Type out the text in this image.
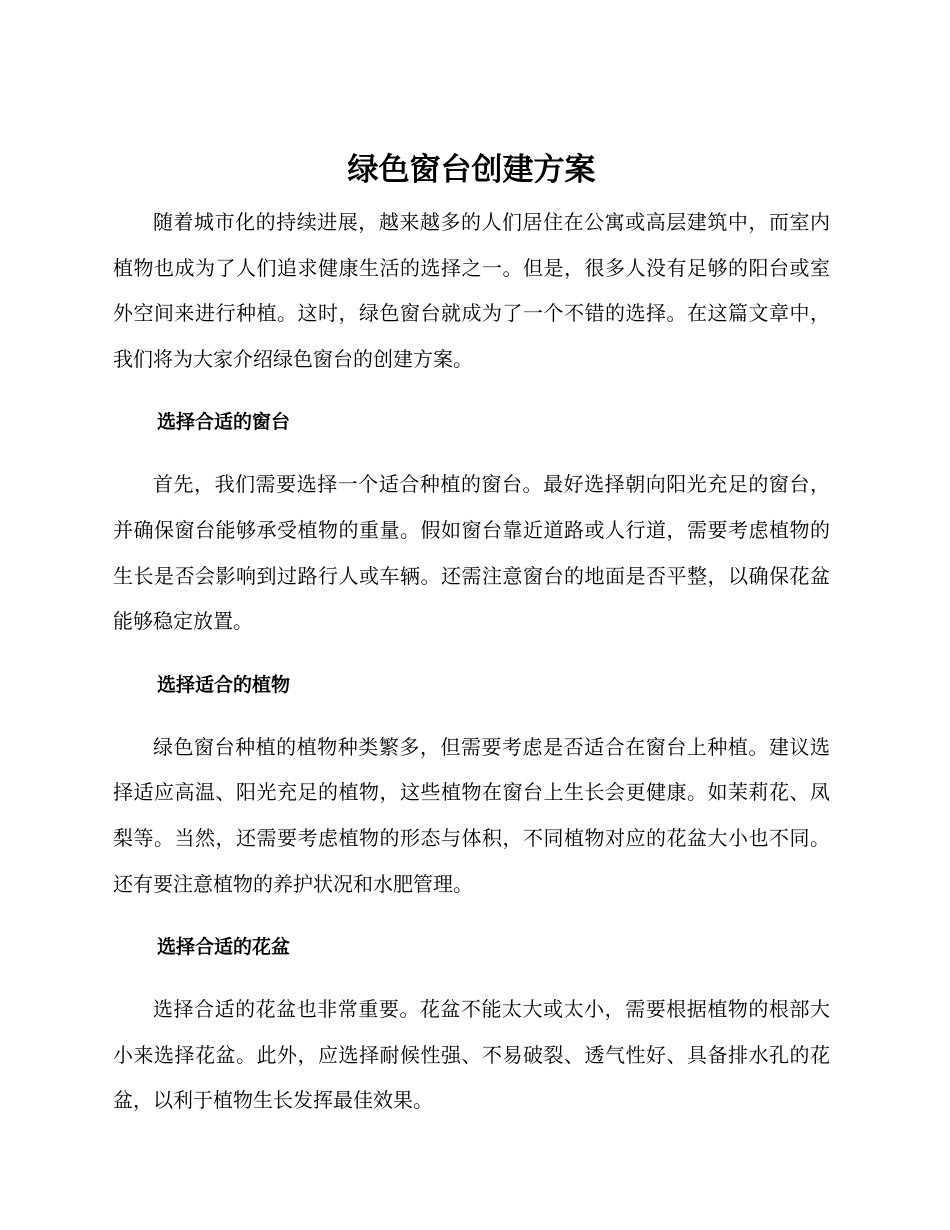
绿色窗台创建方案

随着城市化的持续进展，越来越多的人们居住在公寓或高层建筑中，而室内植物也成为了人们追求健康生活的选择之一。但是，很多人没有足够的阳台或室外空间来进行种植。这时，绿色窗台就成为了一个不错的选择。在这篇文章中，我们将为大家介绍绿色窗台的创建方案。

选择合适的窗台

首先，我们需要选择一个适合种植的窗台。最好选择朝向阳光充足的窗台，并确保窗台能够承受植物的重量。假如窗台靠近道路或人行道，需要考虑植物的生长是否会影响到过路行人或车辆。还需注意窗台的地面是否平整，以确保花盆能够稳定放置。

选择适合的植物

绿色窗台种植的植物种类繁多，但需要考虑是否适合在窗台上种植。建议选择适应高温、阳光充足的植物，这些植物在窗台上生长会更健康。如茉莉花、凤梨等。当然，还需要考虑植物的形态与体积，不同植物对应的花盆大小也不同。还有要注意植物的养护状况和水肥管理。

选择合适的花盆

选择合适的花盆也非常重要。花盆不能太大或太小，需要根据植物的根部大小来选择花盆。此外，应选择耐候性强、不易破裂、透气性好、具备排水孔的花盆，以利于植物生长发挥最佳效果。
